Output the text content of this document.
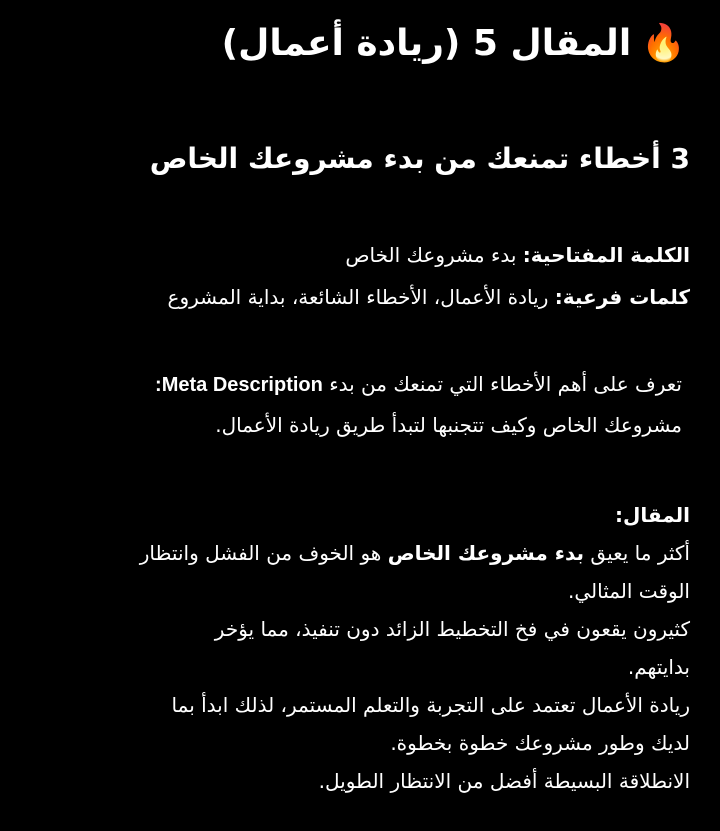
🔥المقال 5 (ريادة أعمال)
3 أخطاء تمنعك من بدء مشروعك الخاص
الكلمة المفتاحية: بدء مشروعك الخاص
كلمات فرعية: ريادة الأعمال، الأخطاء الشائعة، بداية المشروع
تعرف على أهم الأخطاء التي تمنعك من بدء Meta Description:
مشروعك الخاص وكيف تتجنبها لتبدأ طريق ريادة الأعمال.
المقال:
أكثر ما يعيق بدء مشروعك الخاص هو الخوف من الفشل وانتظار
الوقت المثالي.
كثيرون يقعون في فخ التخطيط الزائد دون تنفيذ، مما يؤخر
بدايتهم.
ريادة الأعمال تعتمد على التجربة والتعلم المستمر، لذلك ابدأ بما
لديك وطور مشروعك خطوة بخطوة.
الانطلاقة البسيطة أفضل من الانتظار الطويل.
